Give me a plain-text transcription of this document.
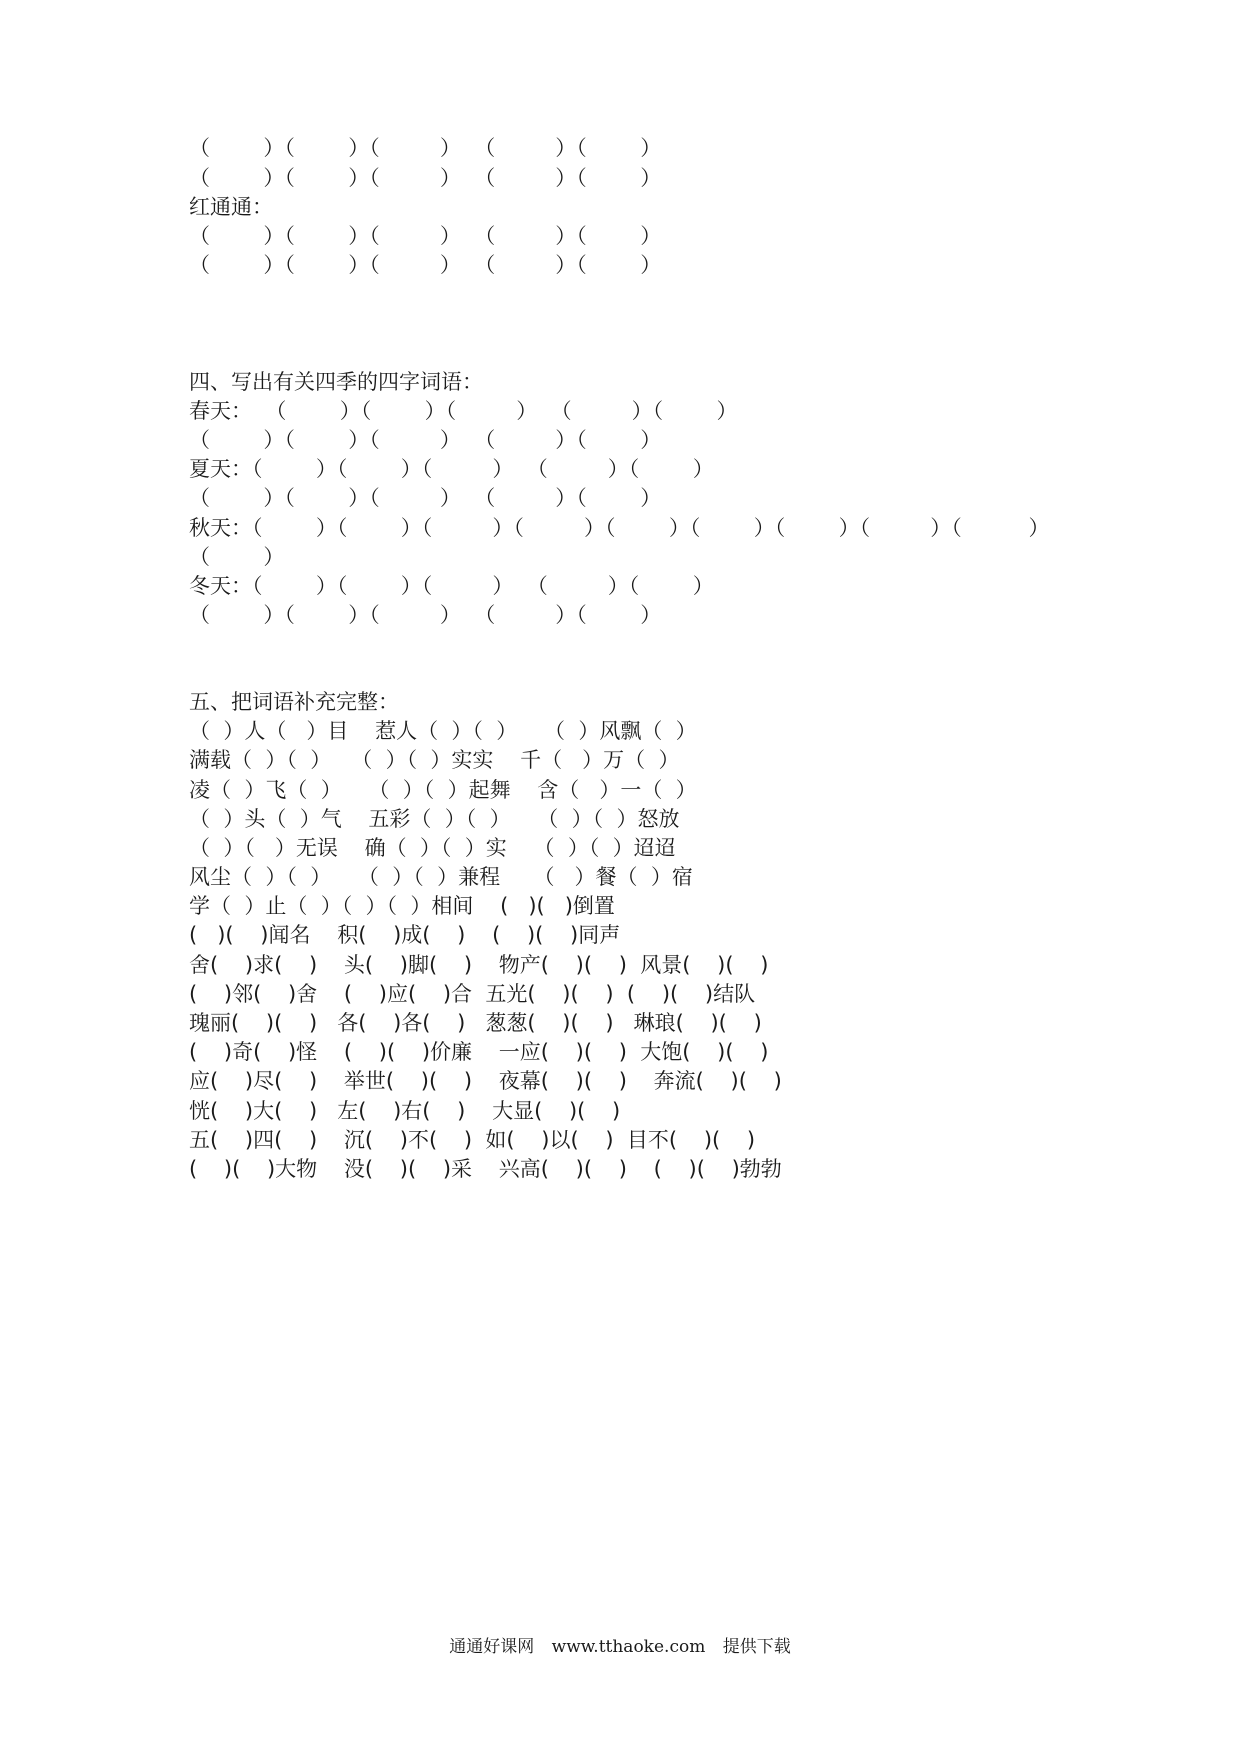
（        ）（        ）（         ）  （         ）（        ）
（        ）（        ）（         ）  （         ）（        ）
红通通：
（        ）（        ）（         ）  （         ）（        ）
（        ）（        ）（         ）  （         ）（        ）
四、写出有关四季的四字词语：
春天：  （        ）（        ）（         ）  （         ）（        ）
（        ）（        ）（         ）  （         ）（        ）
夏天：（        ）（        ）（         ）  （         ）（        ）
（        ）（        ）（         ）  （         ）（        ）
秋天：（        ）（        ）（         ）（         ）（        ）（        ）（        ）（         ）（          ）
（        ）
冬天：（        ）（        ）（         ）  （         ）（        ）
（        ）（        ）（         ）  （         ）（        ）
五、把词语补充完整：
（  ）人（   ）目    惹人（  ）（  ）    （  ）风飘（  ）
满载（  ）（  ）   （  ）（  ）实实    千（   ）万（  ）
凌（  ）飞（  ）    （  ）（  ）起舞    含（   ）一（  ）
（  ）头（  ）气    五彩（  ）（  ）    （  ）（  ）怒放
（  ）（   ）无误    确（  ）（  ）实    （  ）（  ）迢迢
风尘（  ）（  ）    （  ）（  ）兼程     （   ）餐（  ）宿
学（  ）止（  ）（  ）（  ）相间    (   )(   )倒置
(   )(    )闻名    积(    )成(    )    (    )(    )同声
舍(    )求(    )    头(    )脚(    )    物产(    )(    )  风景(    )(    )
(    )邻(    )舍    (    )应(    )合  五光(    )(    )  (    )(    )结队
瑰丽(    )(    )   各(    )各(    )   葱葱(    )(    )   琳琅(    )(    )
(    )奇(    )怪    (    )(    )价廉    一应(    )(    )  大饱(    )(    )
应(    )尽(    )    举世(    )(    )    夜幕(    )(    )    奔流(    )(    )
恍(    )大(    )   左(    )右(    )    大显(    )(    )
五(    )四(    )    沉(    )不(    )  如(    )以(    )  目不(    )(    )
(    )(    )大物    没(    )(    )采    兴高(    )(    )    (    )(    )勃勃
通通好课网 www.tthaoke.com 提供下载
